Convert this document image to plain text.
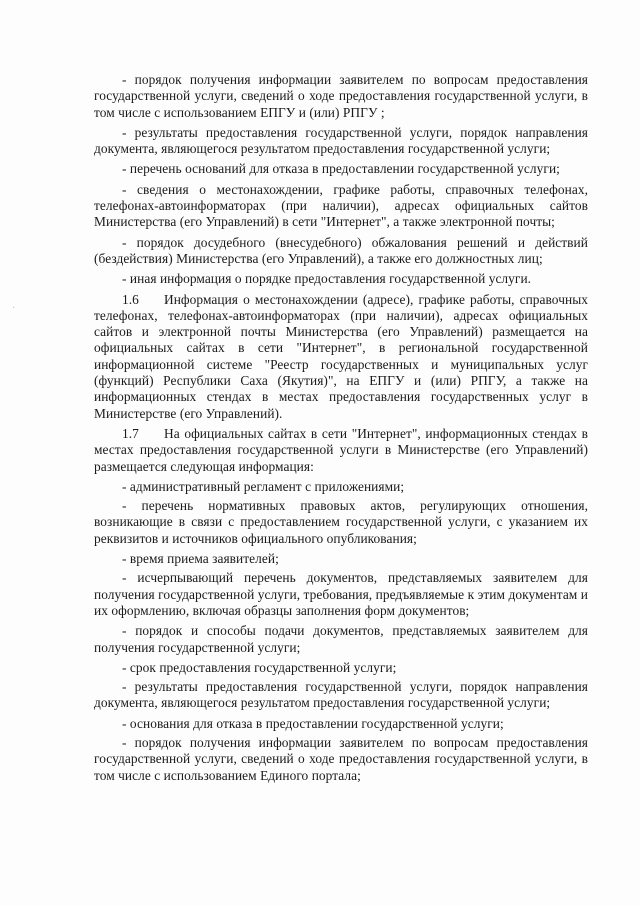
·

- порядок получения информации заявителем по вопросам предоставления государственной услуги, сведений о ходе предоставления государственной услуги, в том числе с использованием ЕПГУ и (или) РПГУ ;

- результаты предоставления государственной услуги, порядок направления документа, являющегося результатом предоставления государственной услуги;

- перечень оснований для отказа в предоставлении государственной услуги;

- сведения о местонахождении, графике работы, справочных телефонах, телефонах-автоинформаторах (при наличии), адресах официальных сайтов Министерства (его Управлений) в сети "Интернет", а также электронной почты;

- порядок досудебного (внесудебного) обжалования решений и действий (бездействия) Министерства (его Управлений), а также его должностных лиц;

- иная информация о порядке предоставления государственной услуги.

1.6 Информация о местонахождении (адресе), графике работы, справочных телефонах, телефонах-автоинформаторах (при наличии), адресах официальных сайтов и электронной почты Министерства (его Управлений) размещается на официальных сайтах в сети "Интернет", в региональной государственной информационной системе "Реестр государственных и муниципальных услуг (функций) Республики Саха (Якутия)", на ЕПГУ и (или) РПГУ, а также на информационных стендах в местах предоставления государственных услуг в Министерстве (его Управлений).

1.7 На официальных сайтах в сети "Интернет", информационных стендах в местах предоставления государственной услуги в Министерстве (его Управлений) размещается следующая информация:

- административный регламент с приложениями;

- перечень нормативных правовых актов, регулирующих отношения, возникающие в связи с предоставлением государственной услуги, с указанием их реквизитов и источников официального опубликования;

- время приема заявителей;

- исчерпывающий перечень документов, представляемых заявителем для получения государственной услуги, требования, предъявляемые к этим документам и их оформлению, включая образцы заполнения форм документов;

- порядок и способы подачи документов, представляемых заявителем для получения государственной услуги;

- срок предоставления государственной услуги;

- результаты предоставления государственной услуги, порядок направления документа, являющегося результатом предоставления государственной услуги;

- основания для отказа в предоставлении государственной услуги;

- порядок получения информации заявителем по вопросам предоставления государственной услуги, сведений о ходе предоставления государственной услуги, в том числе с использованием Единого портала;
